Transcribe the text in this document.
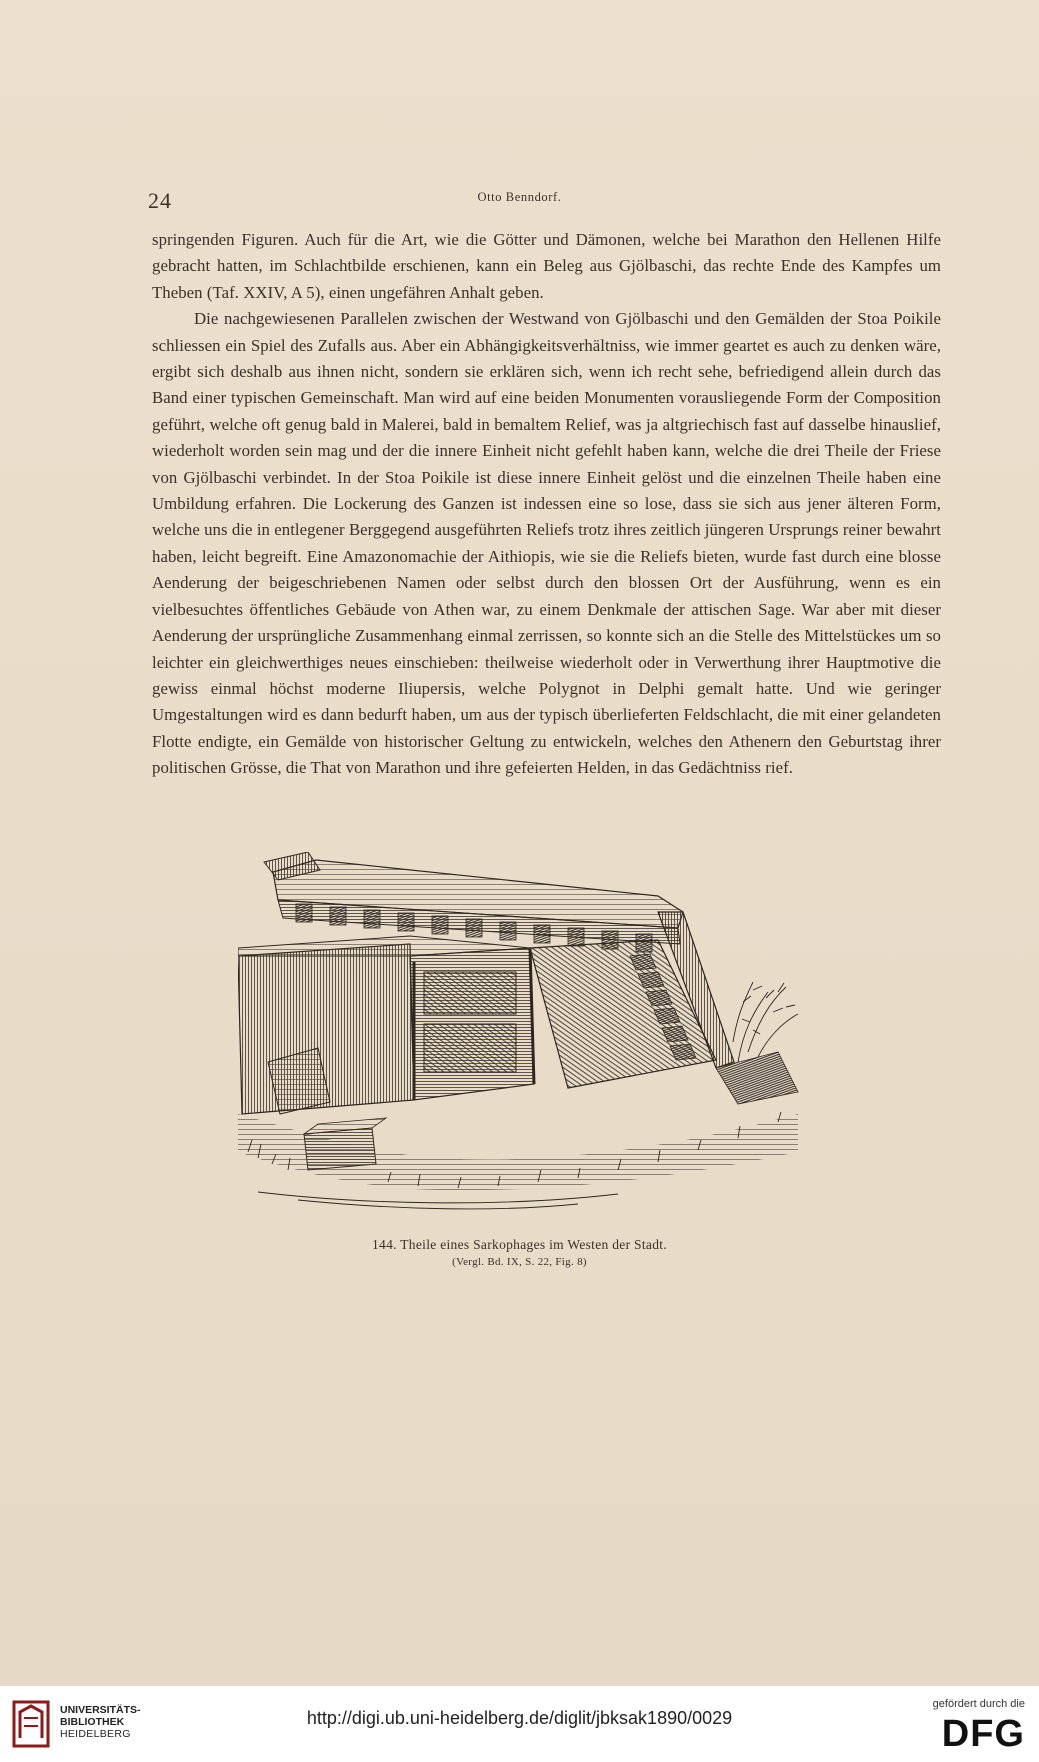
24	Otto Benndorf.

springenden Figuren. Auch für die Art, wie die Götter und Dämonen, welche bei Marathon den Hellenen Hilfe gebracht hatten, im Schlachtbilde erschienen, kann ein Beleg aus Gjölbaschi, das rechte Ende des Kampfes um Theben (Taf. XXIV, A 5), einen ungefähren Anhalt geben.

Die nachgewiesenen Parallelen zwischen der Westwand von Gjölbaschi und den Gemälden der Stoa Poikile schliessen ein Spiel des Zufalls aus. Aber ein Abhängigkeitsverhältniss, wie immer geartet es auch zu denken wäre, ergibt sich deshalb aus ihnen nicht, sondern sie erklären sich, wenn ich recht sehe, befriedigend allein durch das Band einer typischen Gemeinschaft. Man wird auf eine beiden Monumenten vorausliegende Form der Composition geführt, welche oft genug bald in Malerei, bald in bemaltem Relief, was ja altgriechisch fast auf dasselbe hinauslief, wiederholt worden sein mag und der die innere Einheit nicht gefehlt haben kann, welche die drei Theile der Friese von Gjölbaschi verbindet. In der Stoa Poikile ist diese innere Einheit gelöst und die einzelnen Theile haben eine Umbildung erfahren. Die Lockerung des Ganzen ist indessen eine so lose, dass sie sich aus jener älteren Form, welche uns die in entlegener Berggegend ausgeführten Reliefs trotz ihres zeitlich jüngeren Ursprungs reiner bewahrt haben, leicht begreift. Eine Amazonomachie der Aithiopis, wie sie die Reliefs bieten, wurde fast durch eine blosse Aenderung der beigeschriebenen Namen oder selbst durch den blossen Ort der Ausführung, wenn es ein vielbesuchtes öffentliches Gebäude von Athen war, zu einem Denkmale der attischen Sage. War aber mit dieser Aenderung der ursprüngliche Zusammenhang einmal zerrissen, so konnte sich an die Stelle des Mittelstückes um so leichter ein gleichwerthiges neues einschieben: theilweise wiederholt oder in Verwerthung ihrer Hauptmotive die gewiss einmal höchst moderne Iliupersis, welche Polygnot in Delphi gemalt hatte. Und wie geringer Umgestaltungen wird es dann bedurft haben, um aus der typisch überlieferten Feldschlacht, die mit einer gelandeten Flotte endigte, ein Gemälde von historischer Geltung zu entwickeln, welches den Athenern den Geburtstag ihrer politischen Grösse, die That von Marathon und ihre gefeierten Helden, in das Gedächtniss rief.

144. Theile eines Sarkophages im Westen der Stadt.
(Vergl. Bd. IX, S. 22, Fig. 8)
UNIVERSITÄTS-
BIBLIOTHEK
HEIDELBERG
http://digi.ub.uni-heidelberg.de/diglit/jbksak1890/0029
gefördert durch die
DFG
